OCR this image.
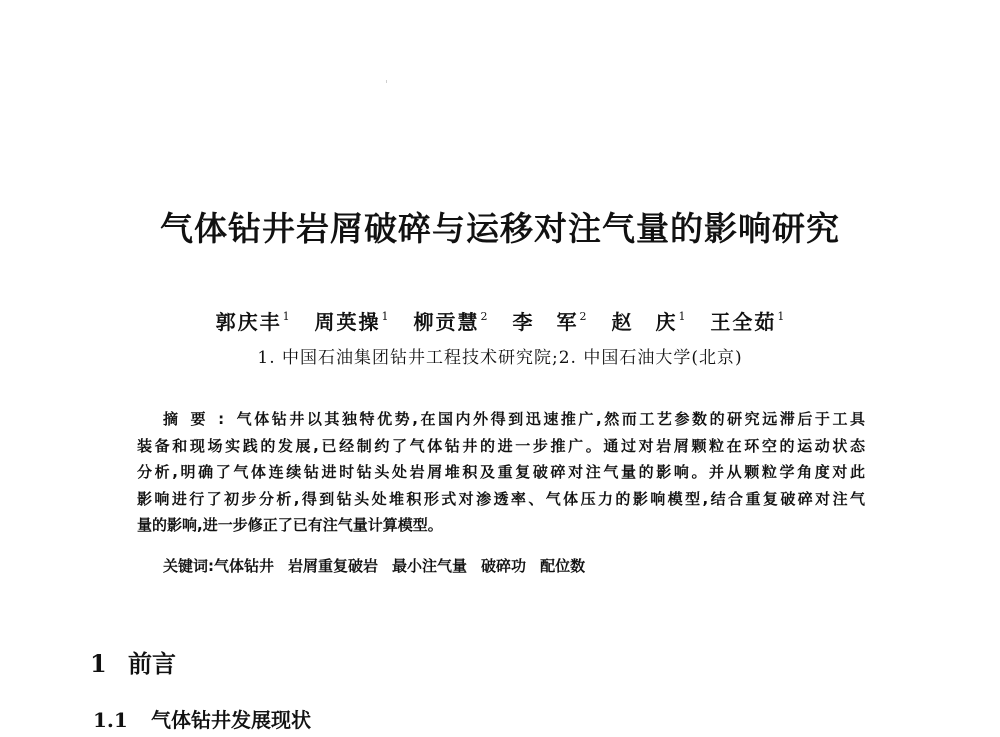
气体钻井岩屑破碎与运移对注气量的影响研究
郭庆丰$^1$ 周英操$^1$ 柳贡慧$^2$ 李　军$^2$ 赵　庆$^1$ 王全茹$^1$
1. 中国石油集团钻井工程技术研究院;2. 中国石油大学(北京)
摘要:气体钻井以其独特优势,在国内外得到迅速推广,然而工艺参数的研究远滞后于工具
装备和现场实践的发展,已经制约了气体钻井的进一步推广。通过对岩屑颗粒在环空的运动状态
分析,明确了气体连续钻进时钻头处岩屑堆积及重复破碎对注气量的影响。并从颗粒学角度对此
影响进行了初步分析,得到钻头处堆积形式对渗透率、气体压力的影响模型,结合重复破碎对注气
量的影响,进一步修正了已有注气量计算模型。
关键词:气体钻井 岩屑重复破岩 最小注气量 破碎功 配位数
1 前言
1.1 气体钻井发展现状
